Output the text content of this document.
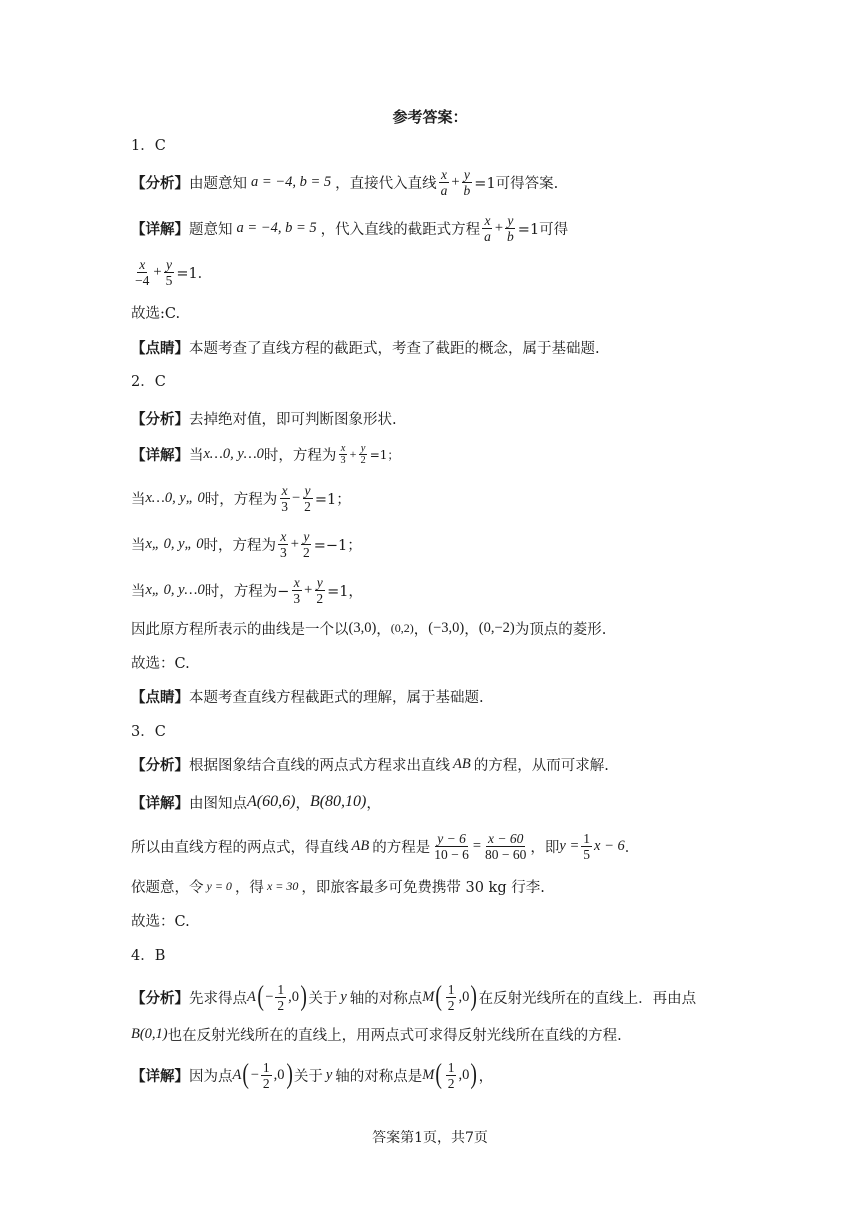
参考答案：
1．C
【分析】 由题意知 a = −4, b = 5 ，直接代入直线 $\frac{x}{a} + \frac{y}{b} =1$可得答案.
【详解】 题意知 a = −4, b = 5 ，代入直线的截距式方程 $\frac{x}{a} + \frac{y}{b} =1$可得
$\frac{x}{-4} + \frac{y}{5} =1$．
故选:C.
【点睛】 本题考查了直线方程的截距式，考查了截距的概念，属于基础题.
2．C
【分析】 去掉绝对值，即可判断图象形状.
【详解】 当 x…0, y…0 时，方程为 $\frac{x}{3} + \frac{y}{2} =1$；
当 x…0, y„ 0 时，方程为 $\frac{x}{3} - \frac{y}{2} =1$；
当 x„ 0, y„ 0 时，方程为 $\frac{x}{3} + \frac{y}{2} =-1$；
当 x„ 0, y…0 时，方程为− $\frac{x}{3} + \frac{y}{2} =1$，
因此原方程所表示的曲线是一个以 (3,0) ， (0,2) ， (−3,0) ， (0,−2) 为顶点的菱形.
故选：C.
【点睛】 本题考查直线方程截距式的理解，属于基础题.
3．C
【分析】 根据图象结合直线的两点式方程求出直线 AB 的方程，从而可求解.
【详解】 由图知点 A(60,6) ， B(80,10) ，
所以由直线方程的两点式，得直线 AB 的方程是 $\frac{y - 6}{10 - 6} = \frac{x - 60}{80 - 60}$ ，即 $y = \frac{1}{5}$ x − 6 ．
依题意，令 y = 0 ，得 x = 30 ，即旅客最多可免费携带 30 kg 行李.
故选：C.
4．B
【分析】 先求得点 A ( − $\frac{1}{2}$ , 0 ) 关于 y 轴的对称点 M ( $\frac{1}{2}$ , 0 ) 在反射光线所在的直线上．再由点
B(0,1) 也在反射光线所在的直线上，用两点式可求得反射光线所在直线的方程.
【详解】 因为点 A ( − $\frac{1}{2}$ , 0 ) 关于 y 轴的对称点是 M ( $\frac{1}{2}$ , 0 ) ，
答案第1页，共7页
